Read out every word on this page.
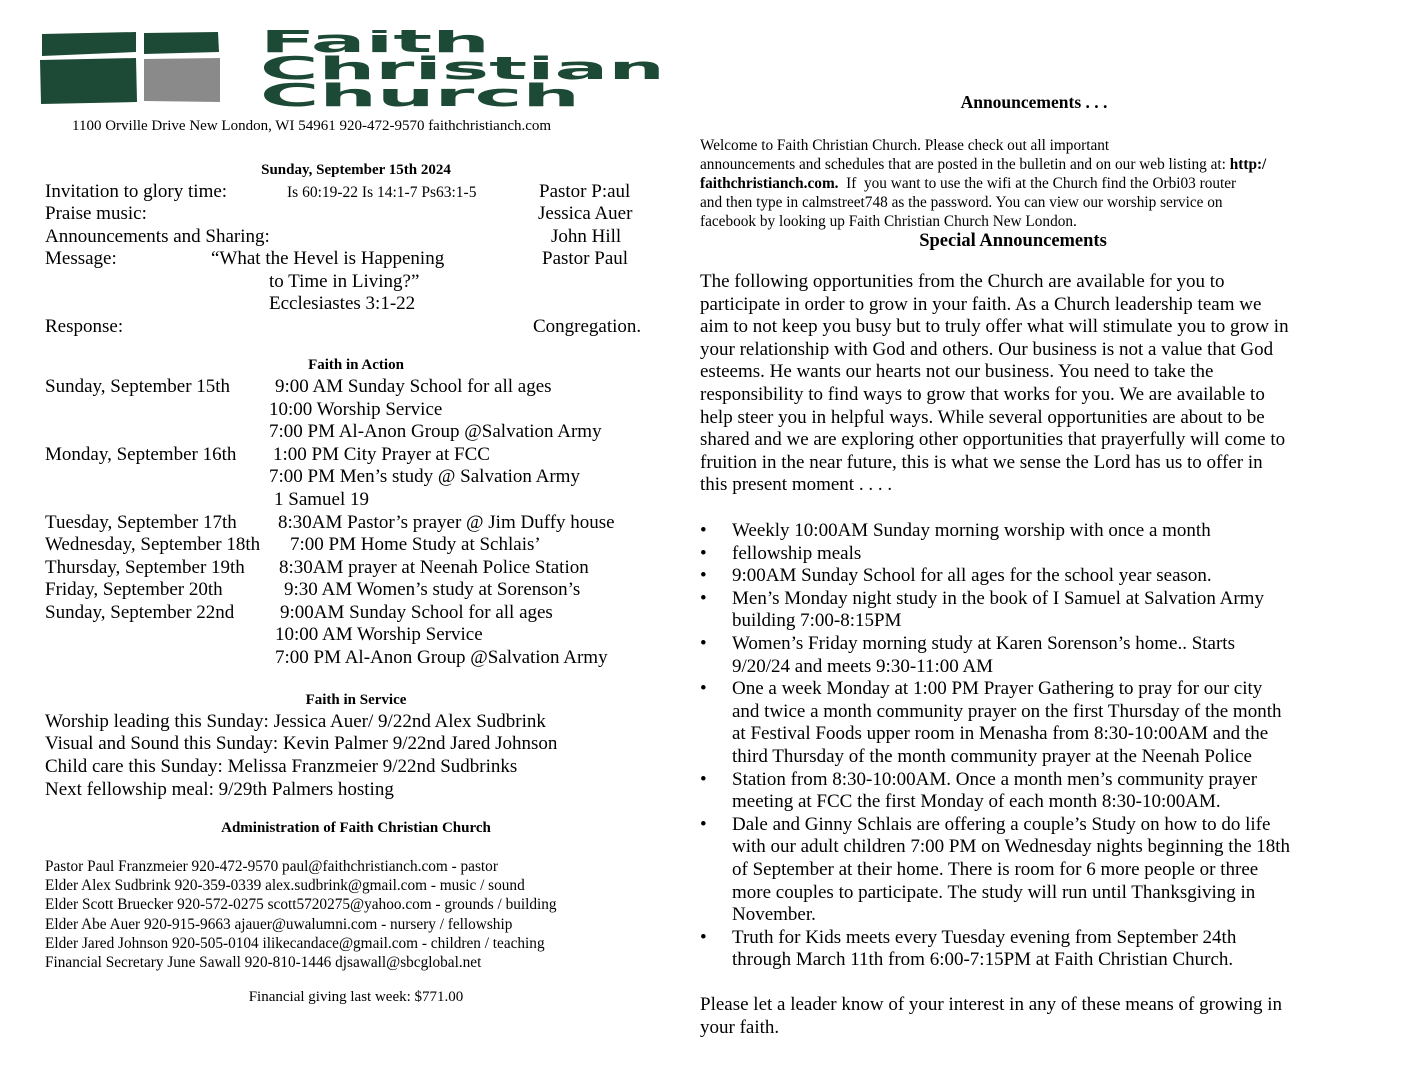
Faith
Christian
Church
1100 Orville Drive New London, WI 54961 920-472-9570 faithchristianch.com
Sunday, September 15th 2024
Invitation to glory time:	Is 60:19-22 Is 14:1-7 Ps63:1-5	Pastor P:aul
Praise music:	Jessica Auer
Announcements and Sharing:	John Hill
Message:	“What the Hevel is Happening	Pastor Paul
to Time in Living?”
Ecclesiastes 3:1-22
Response:	Congregation.
Faith in Action
Sunday, September 15th 9:00 AM Sunday School for all ages
10:00 Worship Service
7:00 PM Al-Anon Group @Salvation Army
Monday, September 16th 1:00 PM City Prayer at FCC
7:00 PM Men’s study @ Salvation Army
1 Samuel 19
Tuesday, September 17th 8:30AM Pastor’s prayer @ Jim Duffy house
Wednesday, September 18th 7:00 PM Home Study at Schlais’
Thursday, September 19th 8:30AM prayer at Neenah Police Station
Friday, September 20th	9:30 AM Women’s study at Sorenson’s
Sunday, September 22nd 9:00AM Sunday School for all ages
10:00 AM Worship Service
7:00 PM Al-Anon Group @Salvation Army
Faith in Service
Worship leading this Sunday: Jessica Auer/ 9/22nd Alex Sudbrink
Visual and Sound this Sunday: Kevin Palmer 9/22nd Jared Johnson
Child care this Sunday: Melissa Franzmeier 9/22nd Sudbrinks
Next fellowship meal: 9/29th Palmers hosting
Administration of Faith Christian Church
Pastor Paul Franzmeier 920-472-9570 paul@faithchristianch.com - pastor
Elder Alex Sudbrink 920-359-0339 alex.sudbrink@gmail.com - music / sound
Elder Scott Bruecker 920-572-0275 scott5720275@yahoo.com - grounds / building
Elder Abe Auer 920-915-9663 ajauer@uwalumni.com - nursery / fellowship
Elder Jared Johnson 920-505-0104 ilikecandace@gmail.com - children / teaching
Financial Secretary June Sawall 920-810-1446 djsawall@sbcglobal.net
Financial giving last week: $771.00
Announcements . . .
Welcome to Faith Christian Church. Please check out all important
announcements and schedules that are posted in the bulletin and on our web listing at: http:/
faithchristianch.com.  If  you want to use the wifi at the Church find the Orbi03 router
and then type in calmstreet748 as the password. You can view our worship service on
facebook by looking up Faith Christian Church New London.
Special Announcements
The following opportunities from the Church are available for you to
participate in order to grow in your faith. As a Church leadership team we
aim to not keep you busy but to truly offer what will stimulate you to grow in
your relationship with God and others. Our business is not a value that God
esteems. He wants our hearts not our business. You need to take the
responsibility to find ways to grow that works for you. We are available to
help steer you in helpful ways. While several opportunities are about to be
shared and we are exploring other opportunities that prayerfully will come to
fruition in the near future, this is what we sense the Lord has us to offer in
this present moment . . . .
• Weekly 10:00AM Sunday morning worship with once a month
• fellowship meals
• 9:00AM Sunday School for all ages for the school year season.
• Men’s Monday night study in the book of I Samuel at Salvation Army
building 7:00-8:15PM
• Women’s Friday morning study at Karen Sorenson’s home.. Starts
9/20/24 and meets 9:30-11:00 AM
• One a week Monday at 1:00 PM Prayer Gathering to pray for our city
and twice a month community prayer on the first Thursday of the month
at Festival Foods upper room in Menasha from 8:30-10:00AM and the
third Thursday of the month community prayer at the Neenah Police
• Station from 8:30-10:00AM. Once a month men’s community prayer
meeting at FCC the first Monday of each month 8:30-10:00AM.
• Dale and Ginny Schlais are offering a couple’s Study on how to do life
with our adult children 7:00 PM on Wednesday nights beginning the 18th
of September at their home. There is room for 6 more people or three
more couples to participate. The study will run until Thanksgiving in
November.
• Truth for Kids meets every Tuesday evening from September 24th
through March 11th from 6:00-7:15PM at Faith Christian Church.
Please let a leader know of your interest in any of these means of growing in
your faith.
